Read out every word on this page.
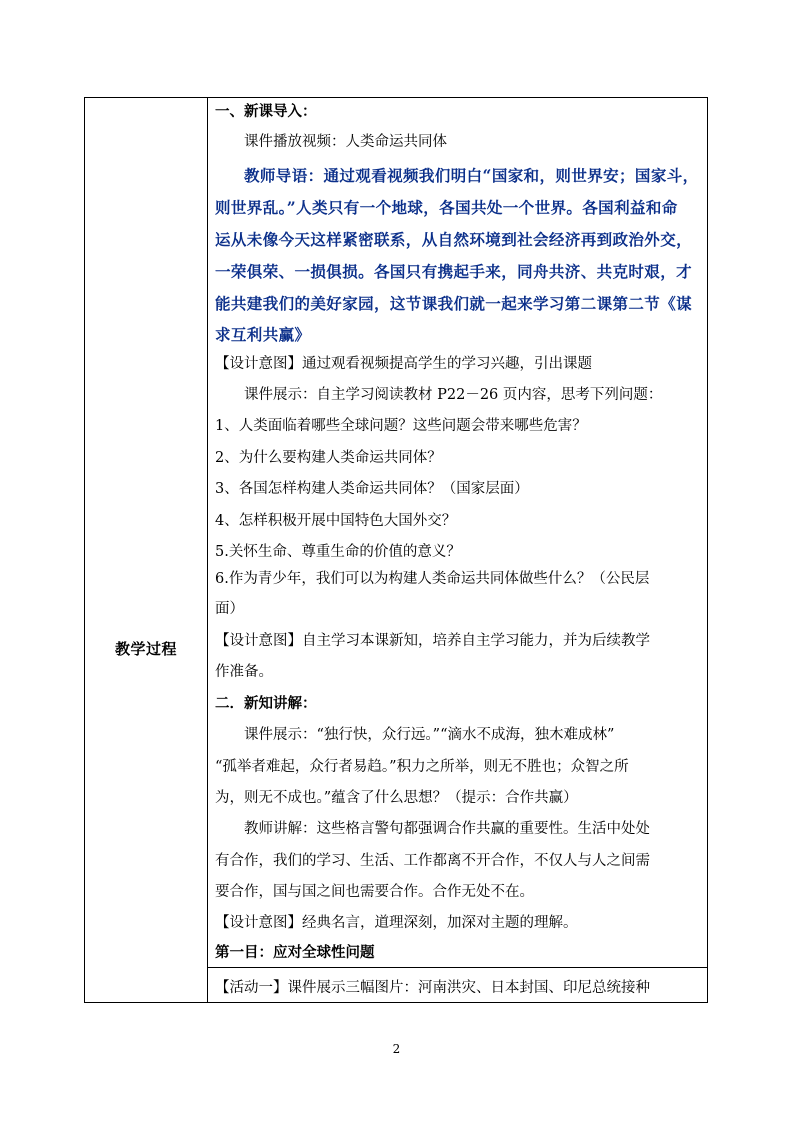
教学过程
一、新课导入：
课件播放视频：人类命运共同体
教师导语：通过观看视频我们明白“国家和，则世界安；国家斗，
则世界乱。”人类只有一个地球，各国共处一个世界。各国利益和命
运从未像今天这样紧密联系，从自然环境到社会经济再到政治外交，
一荣俱荣、一损俱损。各国只有携起手来，同舟共济、共克时艰，才
能共建我们的美好家园，这节课我们就一起来学习第二课第二节《谋
求互利共赢》
【设计意图】通过观看视频提高学生的学习兴趣，引出课题
课件展示：自主学习阅读教材 P22－26 页内容，思考下列问题：
1、人类面临着哪些全球问题？这些问题会带来哪些危害？
2、为什么要构建人类命运共同体？
3、各国怎样构建人类命运共同体？（国家层面）
4、怎样积极开展中国特色大国外交？
5.关怀生命、尊重生命的价值的意义？
6.作为青少年，我们可以为构建人类命运共同体做些什么？（公民层
面）
【设计意图】自主学习本课新知，培养自主学习能力，并为后续教学
作准备。
二．新知讲解：
课件展示：“独行快，众行远。”“滴水不成海，独木难成林”
“孤举者难起，众行者易趋。”积力之所举，则无不胜也；众智之所
为，则无不成也。”蕴含了什么思想？（提示：合作共赢）
教师讲解：这些格言警句都强调合作共赢的重要性。生活中处处
有合作，我们的学习、生活、工作都离不开合作，不仅人与人之间需
要合作，国与国之间也需要合作。合作无处不在。
【设计意图】经典名言，道理深刻，加深对主题的理解。
第一目：应对全球性问题
【活动一】课件展示三幅图片：河南洪灾、日本封国、印尼总统接种
2
